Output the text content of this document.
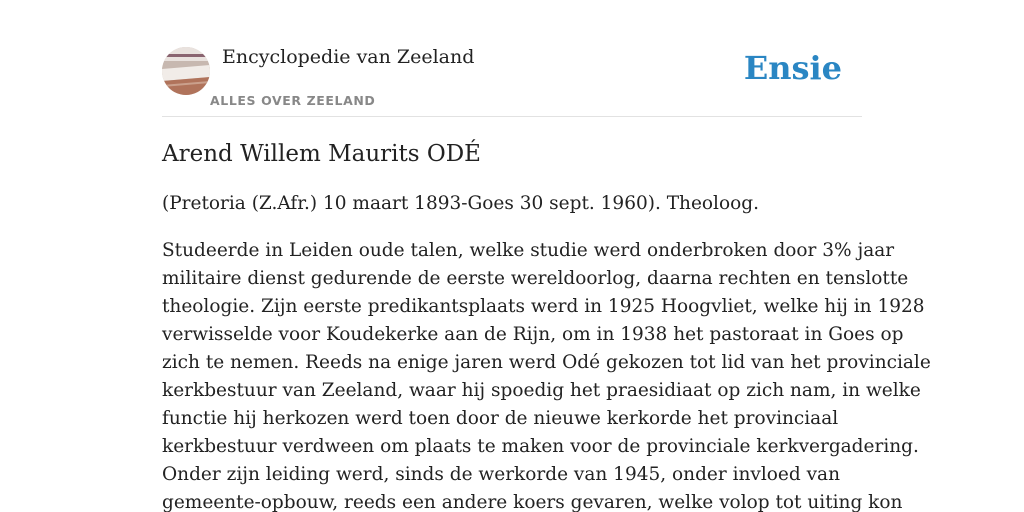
Encyclopedie van Zeeland
ALLES OVER ZEELAND
Ensie
Arend Willem Maurits ODÉ

(Pretoria (Z.Afr.) 10 maart 1893-Goes 30 sept. 1960). Theoloog.

Studeerde in Leiden oude talen, welke studie werd onderbroken door 3% jaar
militaire dienst gedurende de eerste wereldoorlog, daarna rechten en tenslotte
theologie. Zijn eerste predikantsplaats werd in 1925 Hoogvliet, welke hij in 1928
verwisselde voor Koudekerke aan de Rijn, om in 1938 het pastoraat in Goes op
zich te nemen. Reeds na enige jaren werd Odé gekozen tot lid van het provinciale
kerkbestuur van Zeeland, waar hij spoedig het praesidiaat op zich nam, in welke
functie hij herkozen werd toen door de nieuwe kerkorde het provinciaal
kerkbestuur verdween om plaats te maken voor de provinciale kerkvergadering.
Onder zijn leiding werd, sinds de werkorde van 1945, onder invloed van
gemeente-opbouw, reeds een andere koers gevaren, welke volop tot uiting kon
